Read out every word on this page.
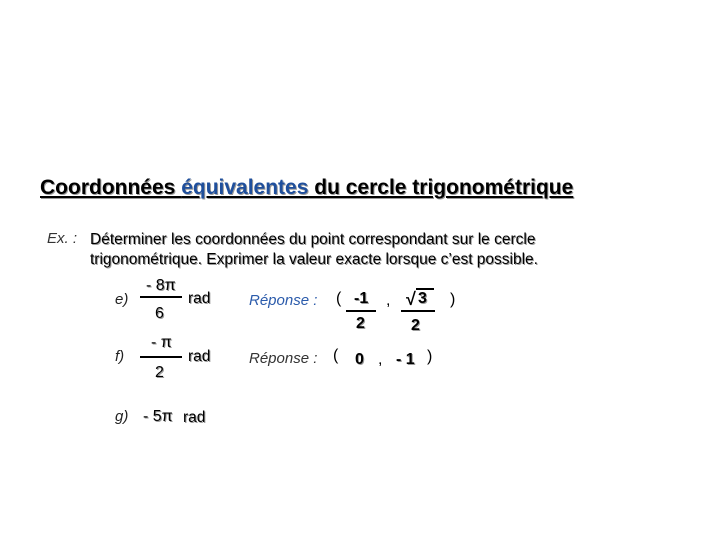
Coordonnées équivalentes du cercle trigonométrique
Ex. : Déterminer les coordonnées du point correspondant sur le cercle
trigonométrique. Exprimer la valeur exacte lorsque c’est possible.
e)
- 8π
6
rad	Réponse : ( -1
2
, √ 3
2
)
f)
- π
2
rad	Réponse : ( 0 , - 1 )
g) - 5π rad
